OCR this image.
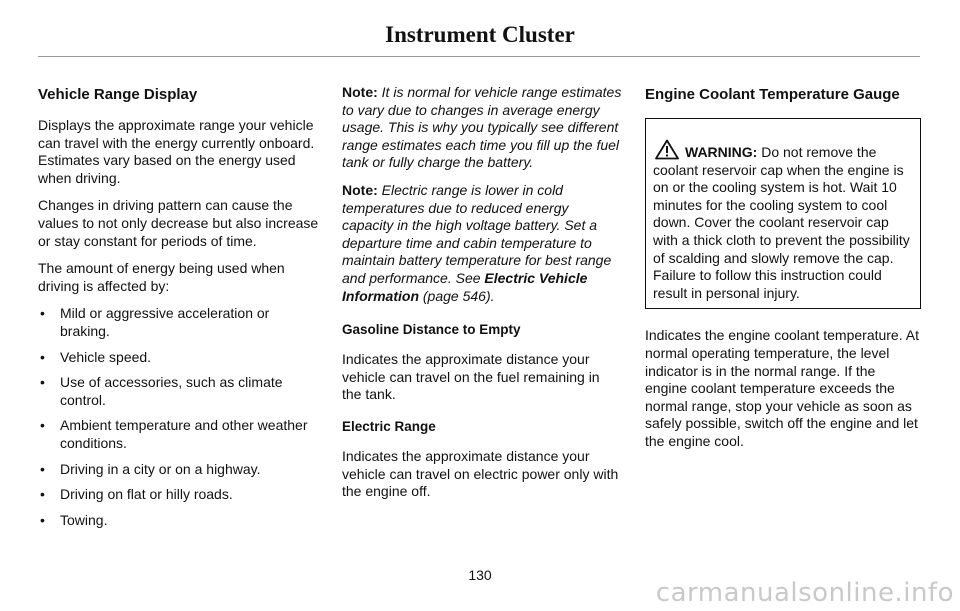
Instrument Cluster
Vehicle Range Display

Displays the approximate range your vehicle can travel with the energy currently onboard. Estimates vary based on the energy used when driving.

Changes in driving pattern can cause the values to not only decrease but also increase or stay constant for periods of time.

The amount of energy being used when driving is affected by:

• Mild or aggressive acceleration or braking.
• Vehicle speed.
• Use of accessories, such as climate control.
• Ambient temperature and other weather conditions.
• Driving in a city or on a highway.
• Driving on flat or hilly roads.
• Towing.

Note: It is normal for vehicle range estimates to vary due to changes in average energy usage. This is why you typically see different range estimates each time you fill up the fuel tank or fully charge the battery.

Note: Electric range is lower in cold temperatures due to reduced energy capacity in the high voltage battery. Set a departure time and cabin temperature to maintain battery temperature for best range and performance. See Electric Vehicle Information (page 546).

Gasoline Distance to Empty

Indicates the approximate distance your vehicle can travel on the fuel remaining in the tank.

Electric Range

Indicates the approximate distance your vehicle can travel on electric power only with the engine off.

Engine Coolant Temperature Gauge
WARNING: Do not remove the coolant reservoir cap when the engine is on or the cooling system is hot. Wait 10 minutes for the cooling system to cool down. Cover the coolant reservoir cap with a thick cloth to prevent the possibility of scalding and slowly remove the cap. Failure to follow this instruction could result in personal injury.

Indicates the engine coolant temperature. At normal operating temperature, the level indicator is in the normal range. If the engine coolant temperature exceeds the normal range, stop your vehicle as soon as safely possible, switch off the engine and let the engine cool.

130
carmanualsonline.info
